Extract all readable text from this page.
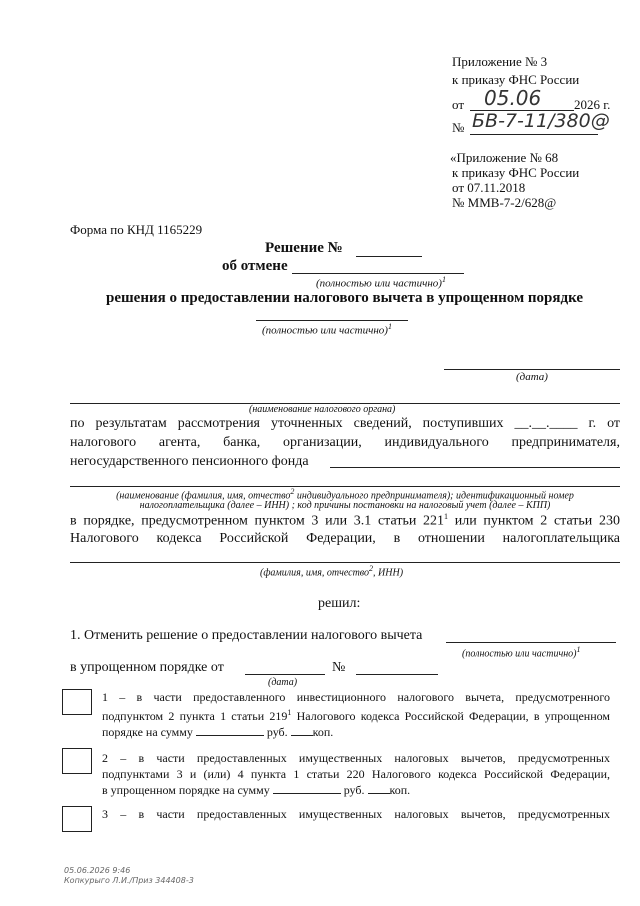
Приложение № 3
к приказу ФНС России
от 05.06	2026 г.
№ БВ-7-11/380@
«Приложение № 68
к приказу ФНС России
от 07.11.2018
№ ММВ-7-2/628@
Форма по КНД 1165229
Решение №
об отмене
(полностью или частично)$^1$
решения о предоставлении налогового вычета в упрощенном порядке
(полностью или частично)$^1$
(дата)
(наименование налогового органа)
по результатам рассмотрения уточненных сведений, поступивших __.__.____ г. от
налогового агента, банка, организации, индивидуального предпринимателя,
негосударственного пенсионного фонда
(наименование (фамилия, имя, отчество$^2$ индивидуального предпринимателя); идентификационный номер
налогоплательщика (далее – ИНН) ; код причины постановки на налоговый учет (далее – КПП)
в порядке, предусмотренном пунктом 3 или 3.1 статьи $221^1$ или пунктом 2 статьи 230
Налогового кодекса Российской Федерации, в отношении налогоплательщика
(фамилия, имя, отчество$^2$, ИНН)
решил:
1. Отменить решение о предоставлении налогового вычета
(полностью или частично)$^1$
в упрощенном порядке от	№
(дата)
1 – в части предоставленного инвестиционного налогового вычета, предусмотренного
подпунктом 2 пункта 1 статьи $219^1$ Налогового кодекса Российской Федерации, в упрощенном
порядке на сумму	руб. коп.
2 – в части предоставленных имущественных налоговых вычетов, предусмотренных
подпунктами 3 и (или) 4 пункта 1 статьи 220 Налогового кодекса Российской Федерации,
в упрощенном порядке на сумму	руб. коп.
3 – в части предоставленных имущественных налоговых вычетов, предусмотренных
05.06.2026 9:46
Копкурыго Л.И./Приз 344408-3
